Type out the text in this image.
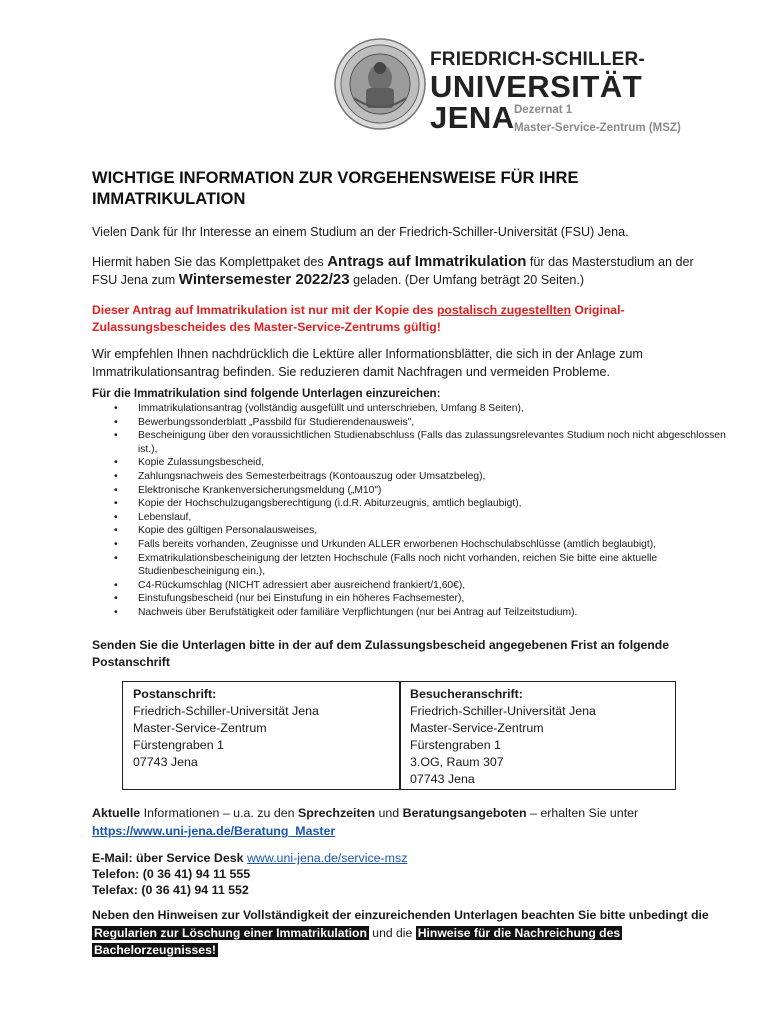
FRIEDRICH-SCHILLER-
UNIVERSITÄT
JENA Dezernat 1
Master-Service-Zentrum (MSZ)
WICHTIGE INFORMATION ZUR VORGEHENSWEISE FÜR IHRE
IMMATRIKULATION
Vielen Dank für Ihr Interesse an einem Studium an der Friedrich-Schiller-Universität (FSU) Jena.
Hiermit haben Sie das Komplettpaket des Antrags auf Immatrikulation für das Masterstudium an der
FSU Jena zum Wintersemester 2022/23 geladen. (Der Umfang beträgt 20 Seiten.)
Dieser Antrag auf Immatrikulation ist nur mit der Kopie des postalisch zugestellten Original-
Zulassungsbescheides des Master-Service-Zentrums gültig!
Wir empfehlen Ihnen nachdrücklich die Lektüre aller Informationsblätter, die sich in der Anlage zum
Immatrikulationsantrag befinden. Sie reduzieren damit Nachfragen und vermeiden Probleme.
Für die Immatrikulation sind folgende Unterlagen einzureichen:
• Immatrikulationsantrag (vollständig ausgefüllt und unterschrieben, Umfang 8 Seiten),
• Bewerbungssonderblatt „Passbild für Studierendenausweis",
• Bescheinigung über den voraussichtlichen Studienabschluss (Falls das zulassungsrelevantes Studium noch nicht abgeschlossen ist.),
• Kopie Zulassungsbescheid,
• Zahlungsnachweis des Semesterbeitrags (Kontoauszug oder Umsatzbeleg),
• Elektronische Krankenversicherungsmeldung („M10")
• Kopie der Hochschulzugangsberechtigung (i.d.R. Abiturzeugnis, amtlich beglaubigt),
• Lebenslauf,
• Kopie des gültigen Personalausweises,
• Falls bereits vorhanden, Zeugnisse und Urkunden ALLER erworbenen Hochschulabschlüsse (amtlich beglaubigt),
• Exmatrikulationsbescheinigung der letzten Hochschule (Falls noch nicht vorhanden, reichen Sie bitte eine aktuelle Studienbescheinigung ein.),
• C4-Rückumschlag (NICHT adressiert aber ausreichend frankiert/1,60€),
• Einstufungsbescheid (nur bei Einstufung in ein höheres Fachsemester),
• Nachweis über Berufstätigkeit oder familiäre Verpflichtungen (nur bei Antrag auf Teilzeitstudium).
Senden Sie die Unterlagen bitte in der auf dem Zulassungsbescheid angegebenen Frist an folgende
Postanschrift
Postanschrift:
Friedrich-Schiller-Universität Jena
Master-Service-Zentrum
Fürstengraben 1
07743 Jena
Besucheranschrift:
Friedrich-Schiller-Universität Jena
Master-Service-Zentrum
Fürstengraben 1
3.OG, Raum 307
07743 Jena
Aktuelle Informationen – u.a. zu den Sprechzeiten und Beratungsangeboten – erhalten Sie unter
https://www.uni-jena.de/Beratung_Master
E-Mail: über Service Desk www.uni-jena.de/service-msz
Telefon: (0 36 41) 94 11 555
Telefax: (0 36 41) 94 11 552
Neben den Hinweisen zur Vollständigkeit der einzureichenden Unterlagen beachten Sie bitte unbedingt die
Regularien zur Löschung einer Immatrikulation und die Hinweise für die Nachreichung des
Bachelorzeugnisses!
